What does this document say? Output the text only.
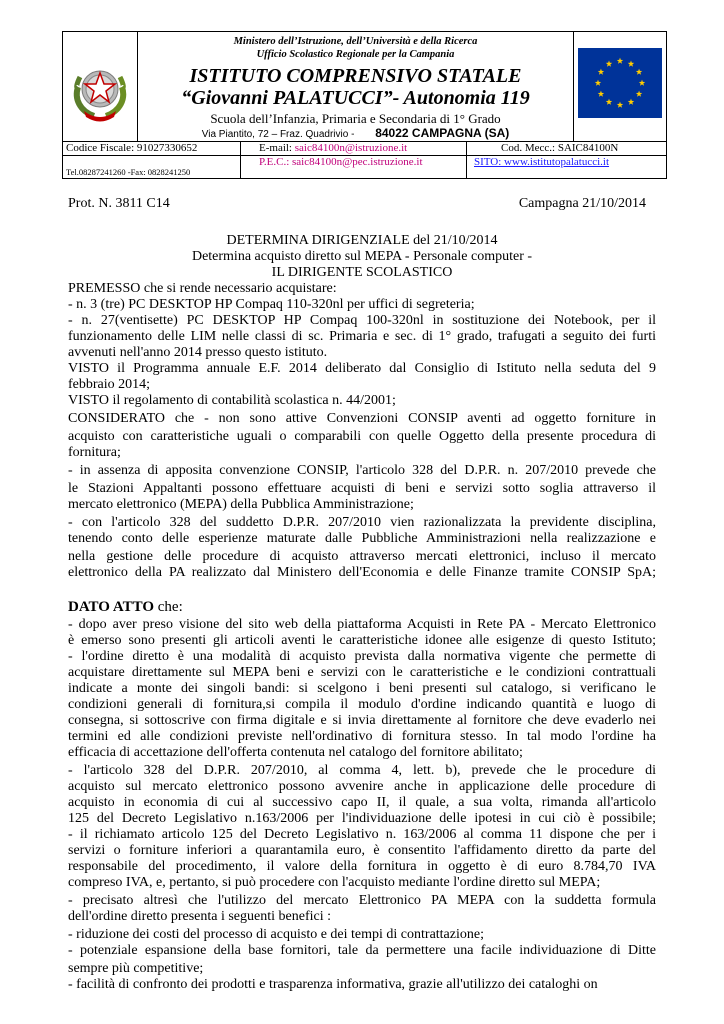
Ministero dell’Istruzione, dell’Università e della Ricerca
Ufficio Scolastico Regionale per la Campania
ISTITUTO COMPRENSIVO STATALE
“Giovanni PALATUCCI”- Autonomia 119
Scuola dell’Infanzia, Primaria e Secondaria di 1° Grado
Via Piantito, 72 – Fraz. Quadrivio - 84022 CAMPAGNA (SA)
Codice Fiscale: 91027330652	E-mail: saic84100n@istruzione.it	Cod. Mecc.: SAIC84100N
Tel.08287241260 -Fax: 0828241250
P.E.C.: saic84100n@pec.istruzione.it	SITO: www.istitutopalatucci.it
Prot. N. 3811 C14	Campagna 21/10/2014
DETERMINA DIRIGENZIALE del 21/10/2014
Determina acquisto diretto sul MEPA - Personale computer -
IL DIRIGENTE SCOLASTICO
PREMESSO che si rende necessario acquistare:
- n. 3 (tre) PC DESKTOP HP Compaq 110-320nl per uffici di segreteria;
- n. 27(ventisette) PC DESKTOP HP Compaq 100-320nl in sostituzione dei Notebook, per il
funzionamento delle LIM nelle classi di sc. Primaria e sec. di 1° grado, trafugati a seguito dei furti
avvenuti nell'anno 2014 presso questo istituto.
VISTO il Programma annuale E.F. 2014 deliberato dal Consiglio di Istituto nella seduta del 9
febbraio 2014;
VISTO il regolamento di contabilità scolastica n. 44/2001;
CONSIDERATO che - non sono attive Convenzioni CONSIP aventi ad oggetto forniture in
acquisto con caratteristiche uguali o comparabili con quelle Oggetto della presente procedura di
fornitura;
- in assenza di apposita convenzione CONSIP, l'articolo 328 del D.P.R. n. 207/2010 prevede che
le Stazioni Appaltanti possono effettuare acquisti di beni e servizi sotto soglia attraverso il
mercato elettronico (MEPA) della Pubblica Amministrazione;
- con l'articolo 328 del suddetto D.P.R. 207/2010 vien razionalizzata la previdente disciplina,
tenendo conto delle esperienze maturate dalle Pubbliche Amministrazioni nella realizzazione e
nella gestione delle procedure di acquisto attraverso mercati elettronici, incluso il mercato
elettronico della PA realizzato dal Ministero dell'Economia e delle Finanze tramite CONSIP SpA;
- dopo aver preso visione del sito web della piattaforma Acquisti in Rete PA - Mercato Elettronico
è emerso sono presenti gli articoli aventi le caratteristiche idonee alle esigenze di questo Istituto;
- l'ordine diretto è una modalità di acquisto prevista dalla normativa vigente che permette di
acquistare direttamente sul MEPA beni e servizi con le caratteristiche e le condizioni contrattuali
indicate a monte dei singoli bandi: si scelgono i beni presenti sul catalogo, si verificano le
condizioni generali di fornitura,si compila il modulo d'ordine indicando quantità e luogo di
consegna, si sottoscrive con firma digitale e si invia direttamente al fornitore che deve evaderlo nei
termini ed alle condizioni previste nell'ordinativo di fornitura stesso. In tal modo l'ordine ha
efficacia di accettazione dell'offerta contenuta nel catalogo del fornitore abilitato;
- l'articolo 328 del D.P.R. 207/2010, al comma 4, lett. b), prevede che le procedure di
acquisto sul mercato elettronico possono avvenire anche in applicazione delle procedure di
acquisto in economia di cui al successivo capo II, il quale, a sua volta, rimanda all'articolo
125 del Decreto Legislativo n.163/2006 per l'individuazione delle ipotesi in cui ciò è possibile;
- il richiamato articolo 125 del Decreto Legislativo n. 163/2006 al comma 11 dispone che per i
servizi o forniture inferiori a quarantamila euro, è consentito l'affidamento diretto da parte del
responsabile del procedimento, il valore della fornitura in oggetto è di euro 8.784,70 IVA
compreso IVA, e, pertanto, si può procedere con l'acquisto mediante l'ordine diretto sul MEPA;
- precisato altresì che l'utilizzo del mercato Elettronico PA MEPA con la suddetta formula
dell'ordine diretto presenta i seguenti benefici :
- riduzione dei costi del processo di acquisto e dei tempi di contrattazione;
- potenziale espansione della base fornitori, tale da permettere una facile individuazione di Ditte
sempre più competitive;
- facilità di confronto dei prodotti e trasparenza informativa, grazie all'utilizzo dei cataloghi on
DATO ATTO che:
